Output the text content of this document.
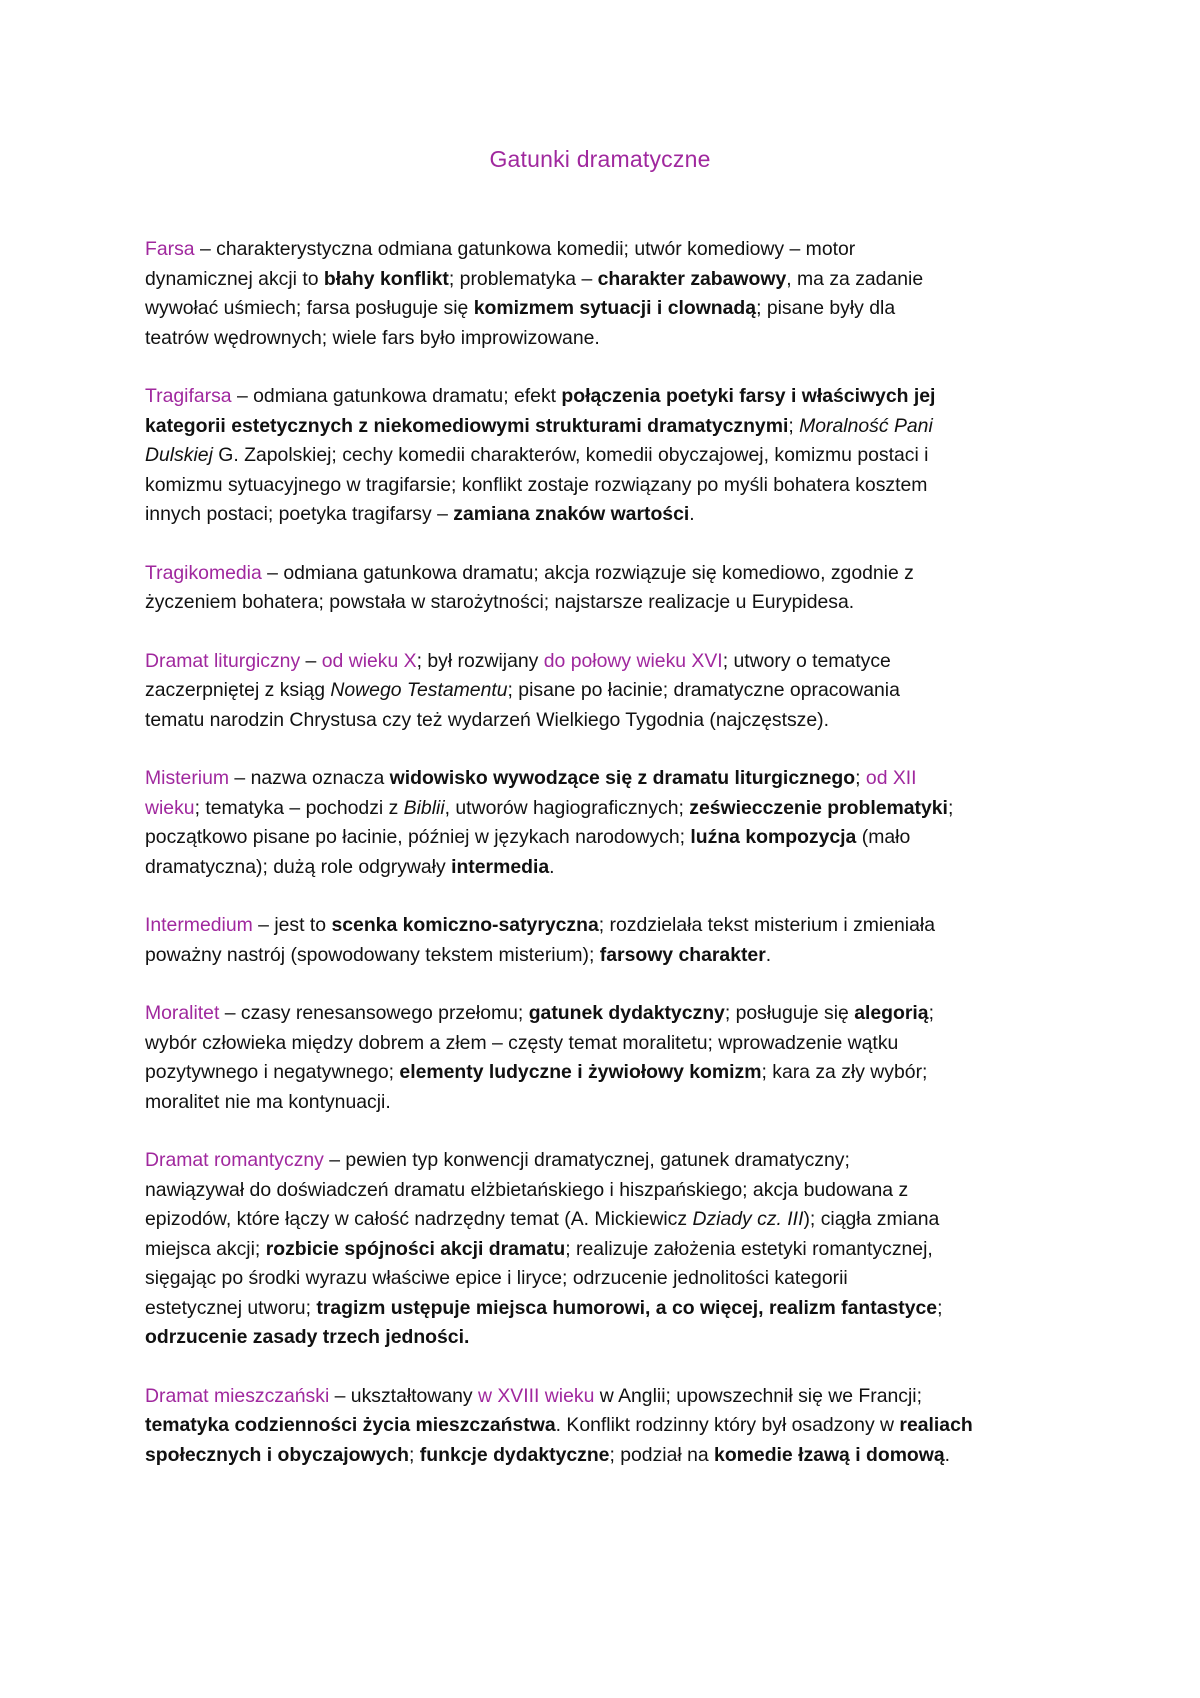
Gatunki dramatyczne

Farsa – charakterystyczna odmiana gatunkowa komedii; utwór komediowy – motor
dynamicznej akcji to błahy konflikt; problematyka – charakter zabawowy, ma za zadanie
wywołać uśmiech; farsa posługuje się komizmem sytuacji i clownadą; pisane były dla
teatrów wędrownych; wiele fars było improwizowane.

Tragifarsa – odmiana gatunkowa dramatu; efekt połączenia poetyki farsy i właściwych jej
kategorii estetycznych z niekomediowymi strukturami dramatycznymi; Moralność Pani
Dulskiej G. Zapolskiej; cechy komedii charakterów, komedii obyczajowej, komizmu postaci i
komizmu sytuacyjnego w tragifarsie; konflikt zostaje rozwiązany po myśli bohatera kosztem
innych postaci; poetyka tragifarsy – zamiana znaków wartości.

Tragikomedia – odmiana gatunkowa dramatu; akcja rozwiązuje się komediowo, zgodnie z
życzeniem bohatera; powstała w starożytności; najstarsze realizacje u Eurypidesa.

Dramat liturgiczny – od wieku X; był rozwijany do połowy wieku XVI; utwory o tematyce
zaczerpniętej z ksiąg Nowego Testamentu; pisane po łacinie; dramatyczne opracowania
tematu narodzin Chrystusa czy też wydarzeń Wielkiego Tygodnia (najczęstsze).

Misterium – nazwa oznacza widowisko wywodzące się z dramatu liturgicznego; od XII
wieku; tematyka – pochodzi z Biblii, utworów hagiograficznych; zeświecczenie problematyki;
początkowo pisane po łacinie, później w językach narodowych; luźna kompozycja (mało
dramatyczna); dużą role odgrywały intermedia.

Intermedium – jest to scenka komiczno-satyryczna; rozdzielała tekst misterium i zmieniała
poważny nastrój (spowodowany tekstem misterium); farsowy charakter.

Moralitet – czasy renesansowego przełomu; gatunek dydaktyczny; posługuje się alegorią;
wybór człowieka między dobrem a złem – częsty temat moralitetu; wprowadzenie wątku
pozytywnego i negatywnego; elementy ludyczne i żywiołowy komizm; kara za zły wybór;
moralitet nie ma kontynuacji.

Dramat romantyczny – pewien typ konwencji dramatycznej, gatunek dramatyczny;
nawiązywał do doświadczeń dramatu elżbietańskiego i hiszpańskiego; akcja budowana z
epizodów, które łączy w całość nadrzędny temat (A. Mickiewicz Dziady cz. III); ciągła zmiana
miejsca akcji; rozbicie spójności akcji dramatu; realizuje założenia estetyki romantycznej,
sięgając po środki wyrazu właściwe epice i liryce; odrzucenie jednolitości kategorii
estetycznej utworu; tragizm ustępuje miejsca humorowi, a co więcej, realizm fantastyce;
odrzucenie zasady trzech jedności.

Dramat mieszczański – ukształtowany w XVIII wieku w Anglii; upowszechnił się we Francji;
tematyka codzienności życia mieszczaństwa. Konflikt rodzinny który był osadzony w realiach
społecznych i obyczajowych; funkcje dydaktyczne; podział na komedie łzawą i domową.
